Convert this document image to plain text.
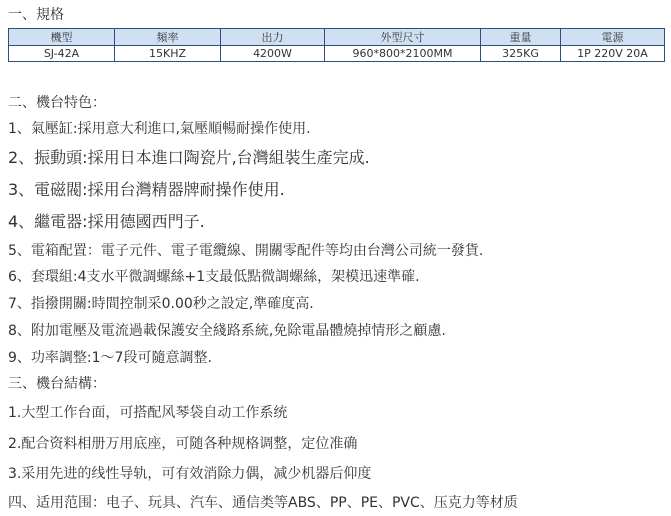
一、規格
機型	頻率	出力	外型尺寸	重量	電源
SJ-42A	15KHZ	4200W	960*800*2100MM	325KG	1P 220V 20A
二、機台特色：
1、氣壓缸:採用意大利進口,氣壓順暢耐操作使用.
2、振動頭:採用日本進口陶瓷片,台灣組裝生產完成.
3、電磁閥:採用台灣精器牌耐操作使用.
4、繼電器:採用德國西門子.
5、電箱配置：電子元件、電子電纜線、開關零配件等均由台灣公司統一發貨.
6、套環組:4支水平微調螺絲+1支最低點微調螺絲，架模迅速準確.
7、指撥開關:時間控制采0.00秒之設定,準確度高.
8、附加電壓及電流過載保護安全綫路系統,免除電晶體燒掉情形之顧慮.
9、功率調整:1～7段可隨意調整.
三、機台結構：
1.大型工作台面，可搭配风琴袋自动工作系统
2.配合资料相册万用底座，可随各种规格调整，定位准确
3.采用先进的线性导轨，可有效消除力偶，减少机器后仰度
四、适用范围：电子、玩具、汽车、通信类等ABS、PP、PE、PVC、压克力等材质
